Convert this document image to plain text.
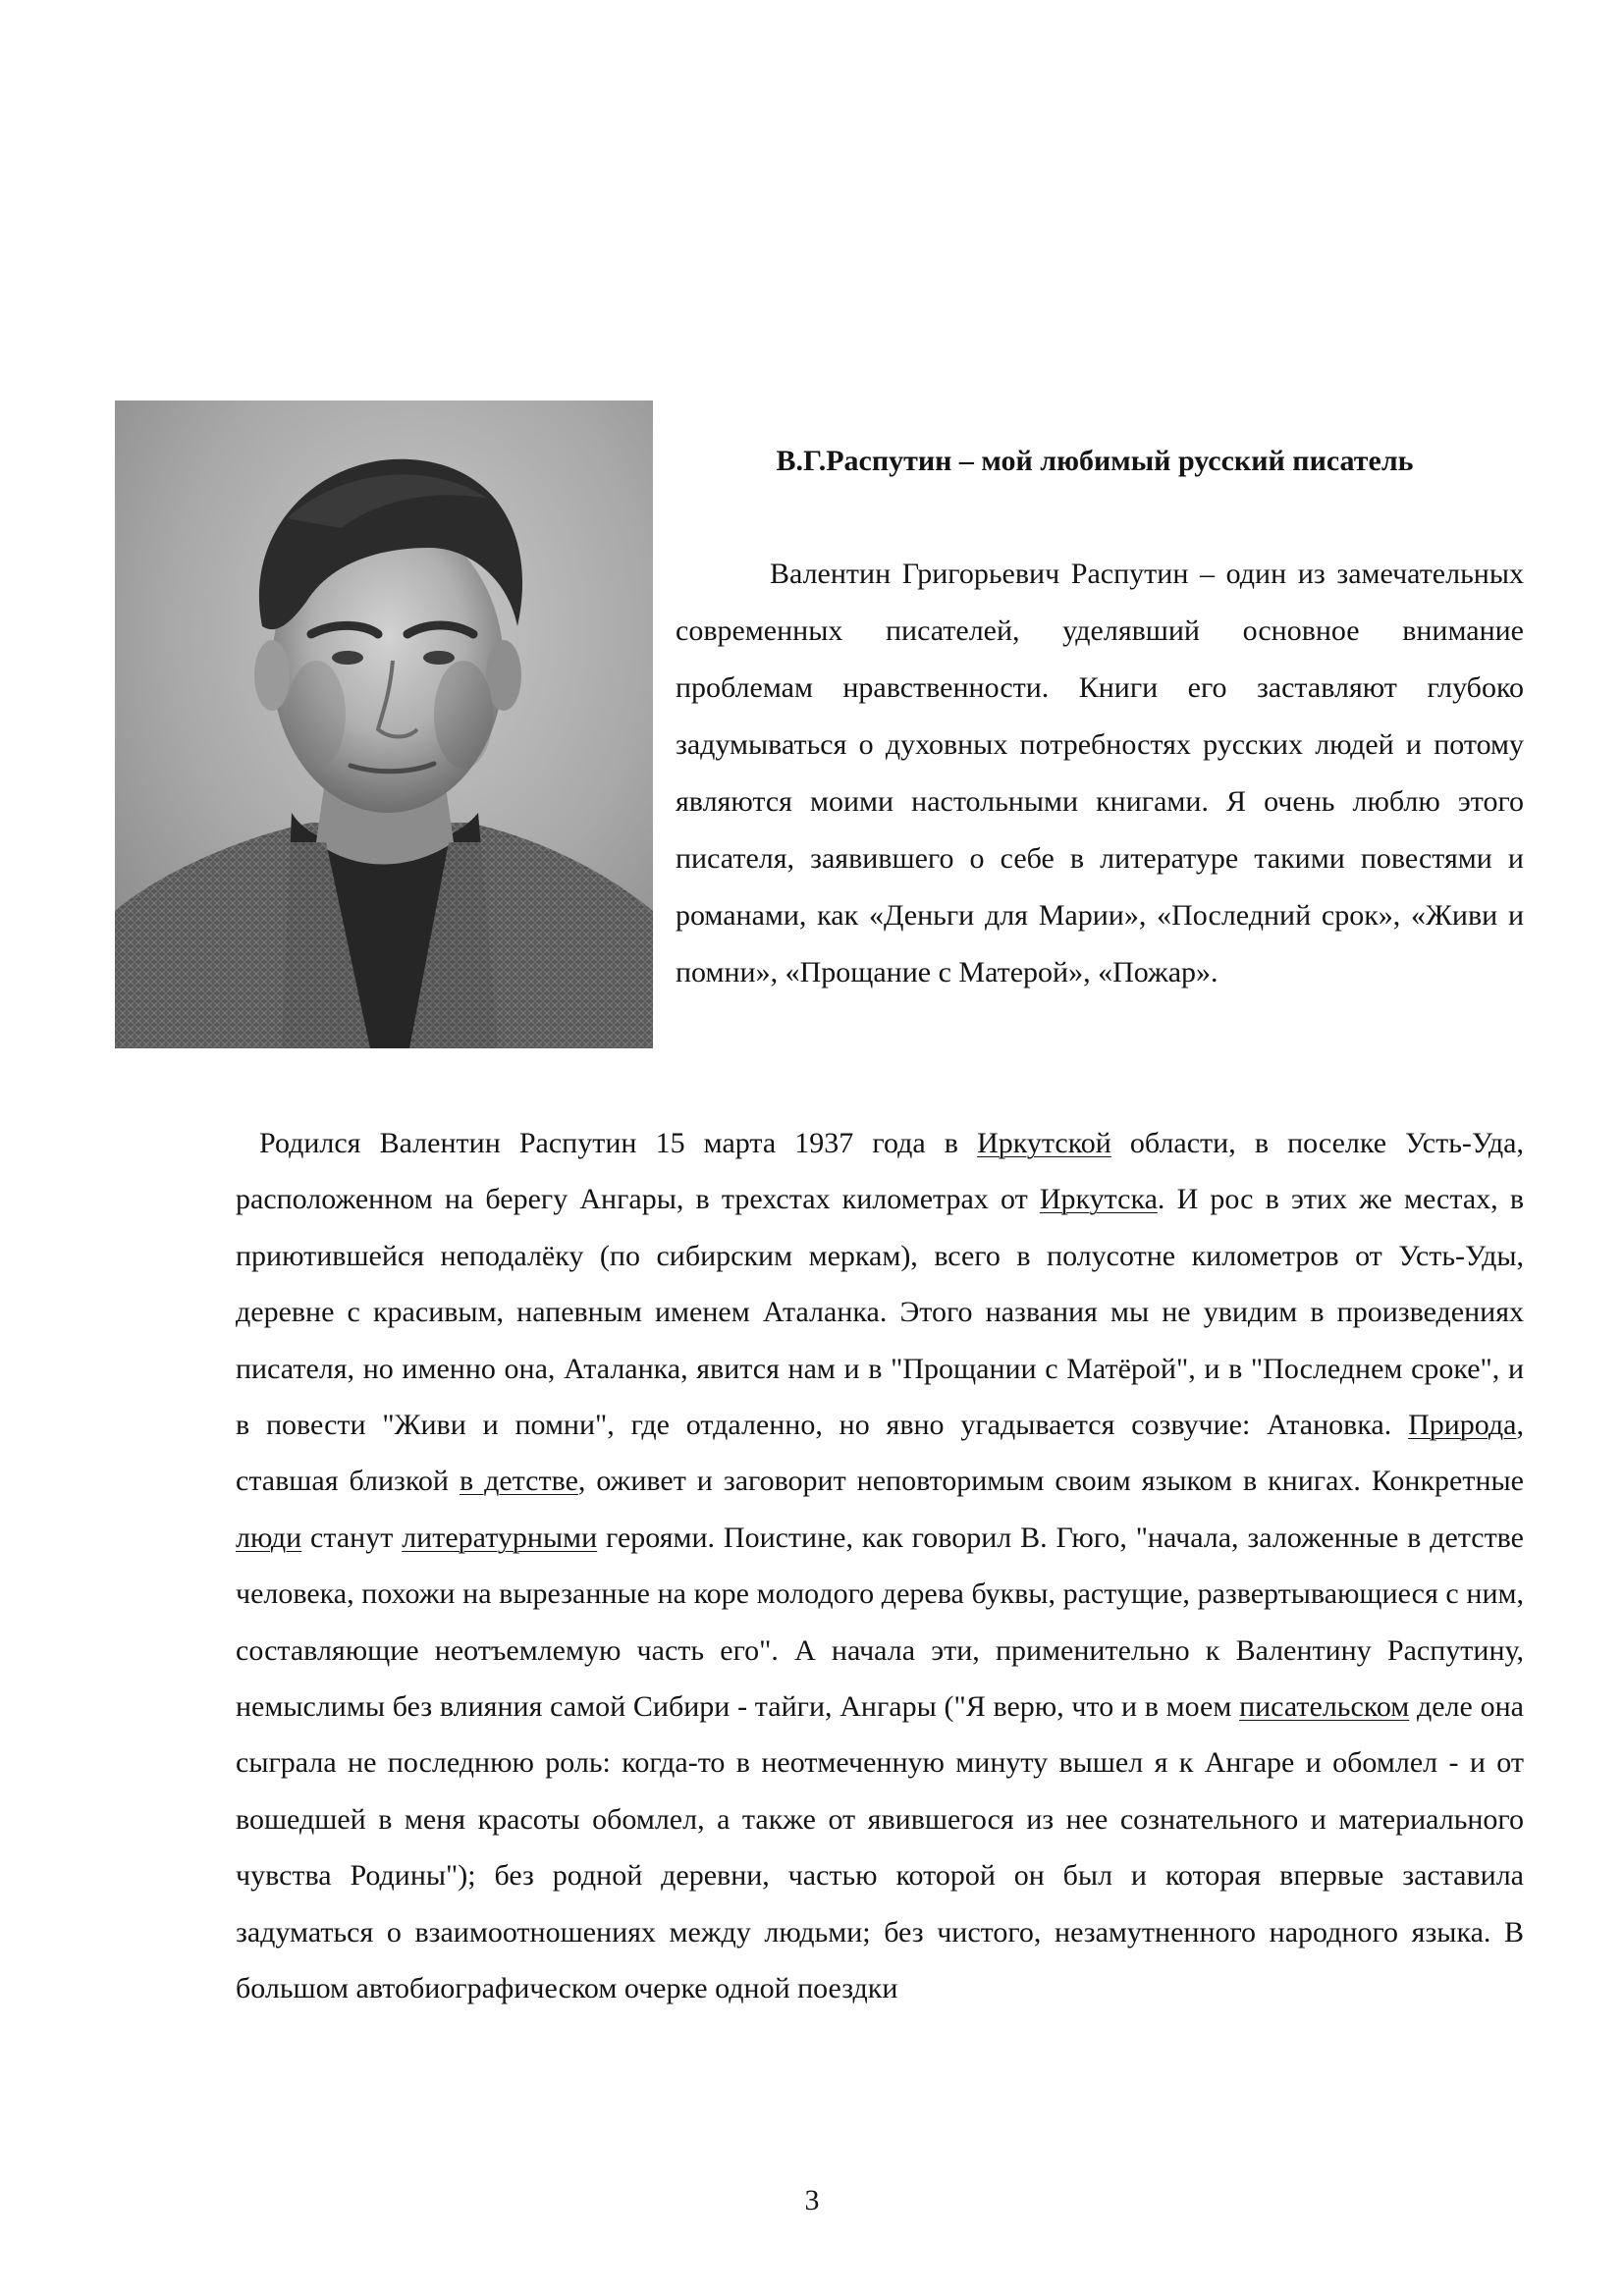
В.Г.Распутин – мой любимый русский писатель

Валентин Григорьевич Распутин – один из замечательных современных писателей, уделявший основное внимание проблемам нравственности. Книги его заставляют глубоко задумываться о духовных потребностях русских людей и потому являются моими настольными книгами. Я очень люблю этого писателя, заявившего о себе в литературе такими повестями и романами, как «Деньги для Марии», «Последний срок», «Живи и помни», «Прощание с Матерой», «Пожар».

Родился Валентин Распутин 15 марта 1937 года в Иркутской области, в поселке Усть-Уда, расположенном на берегу Ангары, в трехстах километрах от Иркутска. И рос в этих же местах, в приютившейся неподалёку (по сибирским меркам), всего в полусотне километров от Усть-Уды, деревне с красивым, напевным именем Аталанка. Этого названия мы не увидим в произведениях писателя, но именно она, Аталанка, явится нам и в "Прощании с Матёрой", и в "Последнем сроке", и в повести "Живи и помни", где отдаленно, но явно угадывается созвучие: Атановка. Природа, ставшая близкой в детстве, оживет и заговорит неповторимым своим языком в книгах. Конкретные люди станут литературными героями. Поистине, как говорил В. Гюго, "начала, заложенные в детстве человека, похожи на вырезанные на коре молодого дерева буквы, растущие, развертывающиеся с ним, составляющие неотъемлемую часть его". А начала эти, применительно к Валентину Распутину, немыслимы без влияния самой Сибири - тайги, Ангары ("Я верю, что и в моем писательском деле она сыграла не последнюю роль: когда-то в неотмеченную минуту вышел я к Ангаре и обомлел - и от вошедшей в меня красоты обомлел, а также от явившегося из нее сознательного и материального чувства Родины"); без родной деревни, частью которой он был и которая впервые заставила задуматься о взаимоотношениях между людьми; без чистого, незамутненного народного языка. В большом автобиографическом очерке одной поездки

3
